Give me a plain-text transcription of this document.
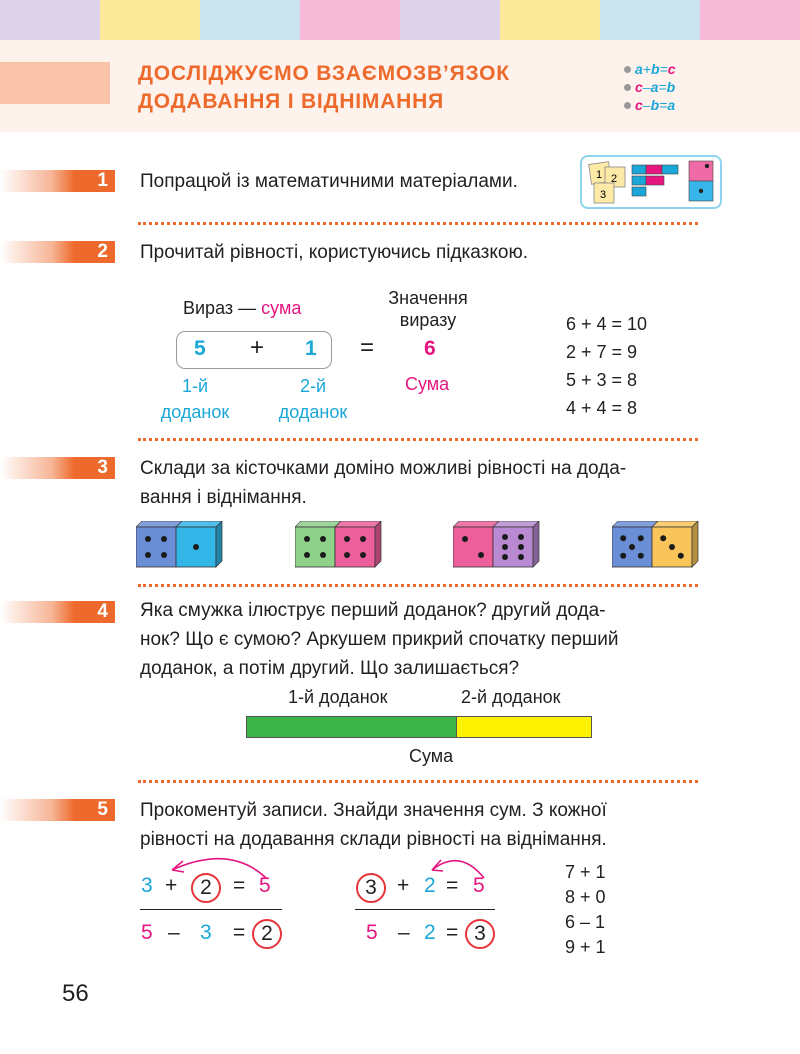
ДОСЛІДЖУЄМО ВЗАЄМОЗВ’ЯЗОК
ДОДАВАННЯ І ВІДНІМАННЯ
a+b=c
c–a=b
c–b=a
1 Попрацюй із математичними матеріалами.	1 2
3
2 Прочитай рівності, користуючись підказкою.
Вираз — сума	Значення
виразу
5 + 1 = 6
1-й
доданок
2-й
доданок
Сума
6 + 4 = 10
2 + 7 = 9
5 + 3 = 8
4 + 4 = 8
3 Склади за кісточками доміно можливі рівності на дода-
вання і віднімання.
4 Яка смужка ілюструє перший доданок? другий дода-
нок? Що є сумою? Аркушем прикрий спочатку перший
доданок, а потім другий. Що залишається?
1-й доданок	2-й доданок
Сума
5 Прокоментуй записи. Знайди значення сум. З кожної
рівності на додавання склади рівності на віднімання.
3 +	2	= 5
5 – 3 = 2
3 + 2 = 5
5 – 2 = 3
7 + 1
8 + 0
6 – 1
9 + 1
56
